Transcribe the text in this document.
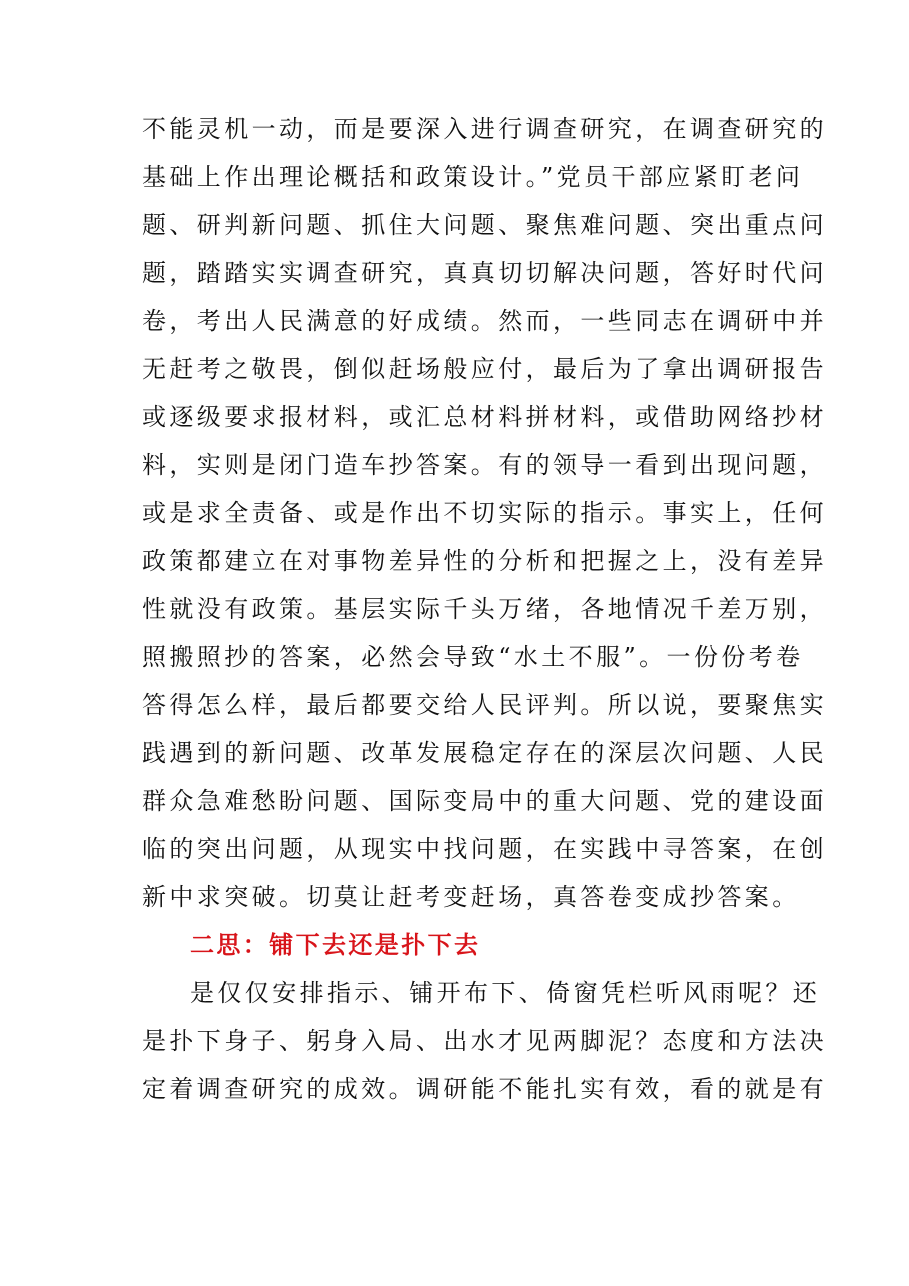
不能灵机一动，而是要深入进行调查研究，在调查研究的
基础上作出理论概括和政策设计。”党员干部应紧盯老问
题、研判新问题、抓住大问题、聚焦难问题、突出重点问
题，踏踏实实调查研究，真真切切解决问题，答好时代问
卷，考出人民满意的好成绩。然而，一些同志在调研中并
无赶考之敬畏，倒似赶场般应付，最后为了拿出调研报告
或逐级要求报材料，或汇总材料拼材料，或借助网络抄材
料，实则是闭门造车抄答案。有的领导一看到出现问题，
或是求全责备、或是作出不切实际的指示。事实上，任何
政策都建立在对事物差异性的分析和把握之上，没有差异
性就没有政策。基层实际千头万绪，各地情况千差万别，
照搬照抄的答案，必然会导致“水土不服”。一份份考卷
答得怎么样，最后都要交给人民评判。所以说，要聚焦实
践遇到的新问题、改革发展稳定存在的深层次问题、人民
群众急难愁盼问题、国际变局中的重大问题、党的建设面
临的突出问题，从现实中找问题，在实践中寻答案，在创
新中求突破。切莫让赶考变赶场，真答卷变成抄答案。
二思：铺下去还是扑下去
是仅仅安排指示、铺开布下、倚窗凭栏听风雨呢？还
是扑下身子、躬身入局、出水才见两脚泥？态度和方法决
定着调查研究的成效。调研能不能扎实有效，看的就是有
